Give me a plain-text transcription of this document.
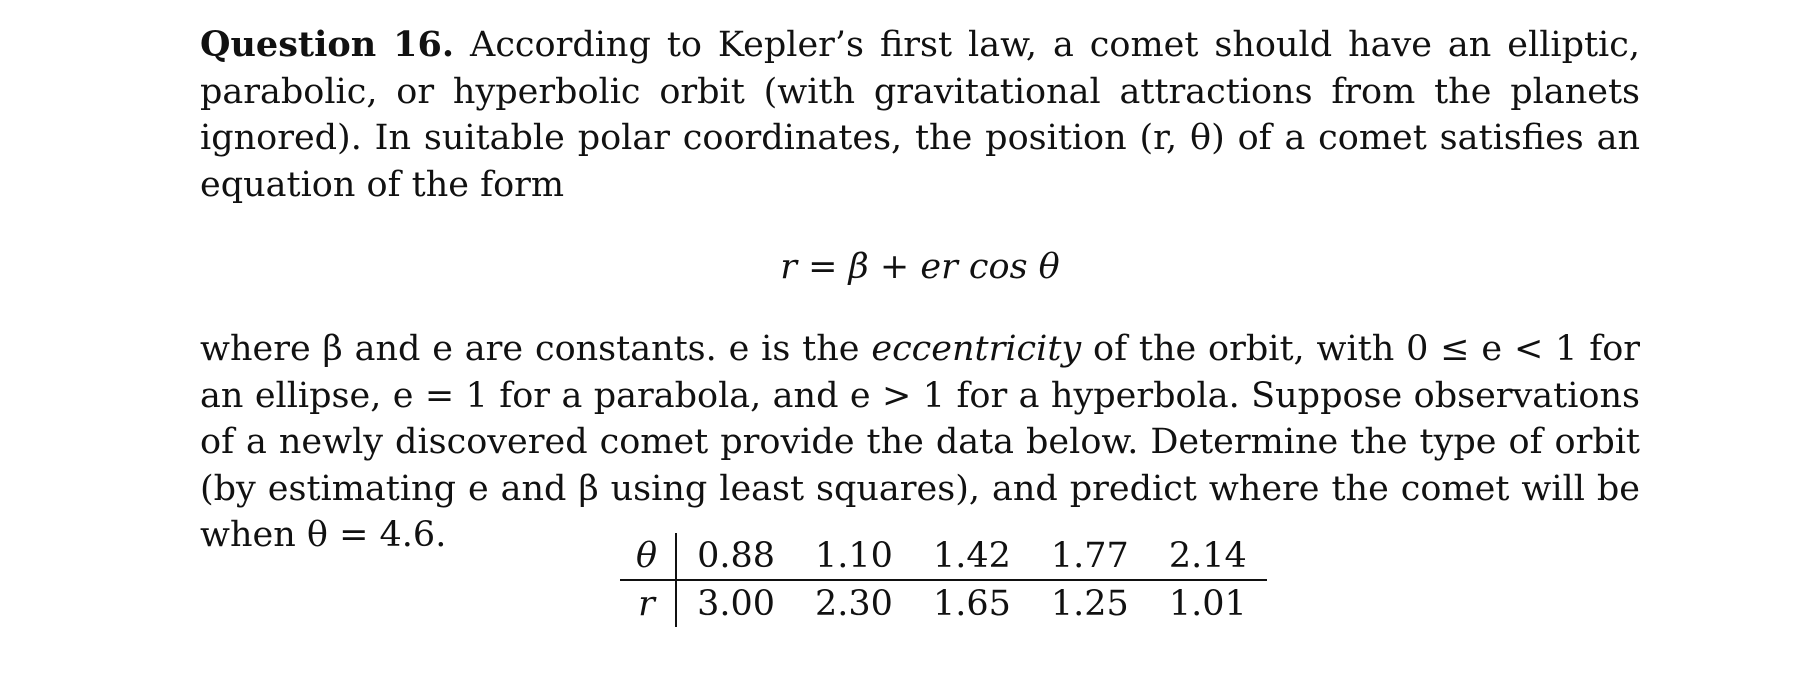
Question 16. According to Kepler’s first law, a comet should have an elliptic, parabolic, or hyperbolic orbit (with gravitational attractions from the planets ignored). In suitable polar coordinates, the position (r, θ) of a comet satisfies an equation of the form

r = β + er cos θ

where β and e are constants. e is the eccentricity of the orbit, with 0 ≤ e < 1 for an ellipse, e = 1 for a parabola, and e > 1 for a hyperbola. Suppose observations of a newly discovered comet provide the data below. Determine the type of orbit (by estimating e and β using least squares), and predict where the comet will be when θ = 4.6.

θ	0.88	1.10	1.42	1.77	2.14
r	3.00	2.30	1.65	1.25	1.01
